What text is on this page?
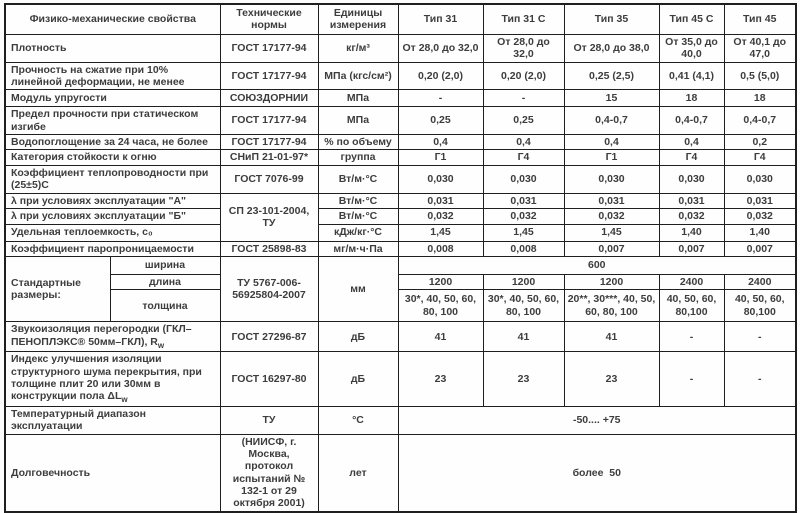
Физико-механические свойства		Технические нормы	Единицы измерения	Тип 31	Тип 31 С	Тип 35	Тип 45 С	Тип 45
Плотность		ГОСТ 17177-94	кг/м³	От 28,0 до 32,0	От 28,0 до 32,0	От 28,0 до 38,0	От 35,0 до 40,0	От 40,1 до 47,0
Прочность на сжатие при 10% линейной деформации, не менее		ГОСТ 17177-94	МПа (кгс/см²)	0,20 (2,0)	0,20 (2,0)	0,25 (2,5)	0,41 (4,1)	0,5 (5,0)
Модуль упругости		СОЮЗДОРНИИ	МПа	-	-	15	18	18
Предел прочности при статическом изгибе		ГОСТ 17177-94	МПа	0,25	0,25	0,4-0,7	0,4-0,7	0,4-0,7
Водопоглощение за 24 часа, не более		ГОСТ 17177-94	% по объему	0,4	0,4	0,4	0,4	0,2
Категория стойкости к огню		СНиП 21-01-97*	группа	Г1	Г4	Г1	Г4	Г4
Коэффициент теплопроводности при (25±5)С		ГОСТ 7076-99	Вт/м·°С	0,030	0,030	0,030	0,030	0,030
λ при условиях эксплуатации "А"		СП 23-101-2004, ТУ	Вт/м·°С	0,031	0,031	0,031	0,031	0,031
λ при условиях эксплуатации "Б"			Вт/м·°С	0,032	0,032	0,032	0,032	0,032
Удельная теплоемкость, с₀			кДж/кг·°С	1,45	1,45	1,45	1,40	1,40
Коэффициент паропроницаемости		ГОСТ 25898-83	мг/м·ч·Па	0,008	0,008	0,007	0,007	0,007
Стандартные размеры:	ширина	ТУ 5767-006-56925804-2007	мм	600				
	длина			1200	1200	1200	2400	2400
	толщина			30*, 40, 50, 60, 80, 100	30*, 40, 50, 60, 80, 100	20**, 30***, 40, 50, 60, 80, 100	40, 50, 60, 80,100	40, 50, 60, 80,100
Звукоизоляция перегородки (ГКЛ–ПЕНОПЛЭКС® 50мм–ГКЛ), $R_w$		ГОСТ 27296-87	дБ	41	41	41	-	-
Индекс улучшения изоляции структурного шума перекрытия, при толщине плит 20 или 30мм в конструкции пола $\Delta L_w$		ГОСТ 16297-80	дБ	23	23	23	-	-
Температурный диапазон эксплуатации		ТУ	°С	-50.... +75				
Долговечность		(НИИСФ, г. Москва, протокол испытаний № 132-1 от 29 октября 2001)	лет	более  50				
